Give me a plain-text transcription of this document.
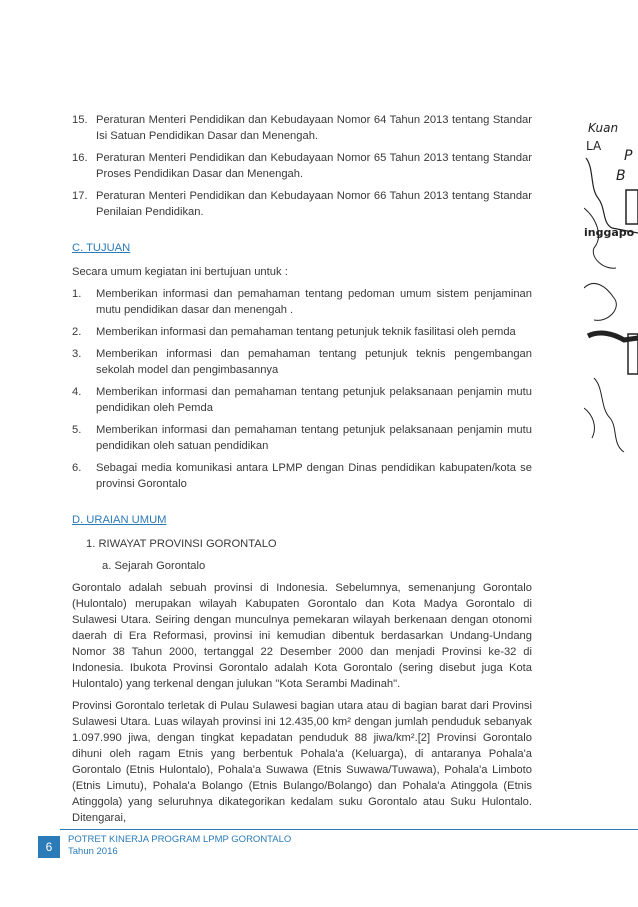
15. Peraturan Menteri Pendidikan dan Kebudayaan Nomor 64 Tahun 2013 tentang Standar Isi Satuan Pendidikan Dasar dan Menengah.
16. Peraturan Menteri Pendidikan dan Kebudayaan Nomor 65 Tahun 2013 tentang Standar Proses Pendidikan Dasar dan Menengah.
17. Peraturan Menteri Pendidikan dan Kebudayaan Nomor 66 Tahun 2013 tentang Standar Penilaian Pendidikan.
C. TUJUAN
Secara umum kegiatan ini bertujuan untuk :
1.	Memberikan informasi dan pemahaman tentang pedoman umum sistem penjaminan mutu pendidikan dasar dan menengah .
2.	Memberikan informasi dan pemahaman tentang petunjuk teknik fasilitasi oleh pemda
3.	Memberikan informasi dan pemahaman tentang petunjuk teknis pengembangan sekolah model dan pengimbasannya
4.	Memberikan informasi dan pemahaman tentang petunjuk pelaksanaan penjamin mutu pendidikan oleh Pemda
5.	Memberikan informasi dan pemahaman tentang petunjuk pelaksanaan penjamin mutu pendidikan oleh satuan pendidikan
6.	Sebagai media komunikasi antara LPMP dengan Dinas pendidikan kabupaten/kota se provinsi Gorontalo
D. URAIAN UMUM
1. RIWAYAT PROVINSI GORONTALO
a. Sejarah Gorontalo
Gorontalo adalah sebuah provinsi di Indonesia. Sebelumnya, semenanjung Gorontalo (Hulontalo) merupakan wilayah Kabupaten Gorontalo dan Kota Madya Gorontalo di Sulawesi Utara. Seiring dengan munculnya pemekaran wilayah berkenaan dengan otonomi daerah di Era Reformasi, provinsi ini kemudian dibentuk berdasarkan Undang-Undang Nomor 38 Tahun 2000, tertanggal 22 Desember 2000 dan menjadi Provinsi ke-32 di Indonesia. Ibukota Provinsi Gorontalo adalah Kota Gorontalo (sering disebut juga Kota Hulontalo) yang terkenal dengan julukan "Kota Serambi Madinah".
Provinsi Gorontalo terletak di Pulau Sulawesi bagian utara atau di bagian barat dari Provinsi Sulawesi Utara. Luas wilayah provinsi ini 12.435,00 km² dengan jumlah penduduk sebanyak 1.097.990 jiwa, dengan tingkat kepadatan penduduk 88 jiwa/km².[2] Provinsi Gorontalo dihuni oleh ragam Etnis yang berbentuk Pohala'a (Keluarga), di antaranya Pohala'a Gorontalo (Etnis Hulontalo), Pohala'a Suwawa (Etnis Suwawa/Tuwawa), Pohala'a Limboto (Etnis Limutu), Pohala'a Bolango (Etnis Bulango/Bolango) dan Pohala'a Atinggola (Etnis Atinggola) yang seluruhnya dikategorikan kedalam suku Gorontalo atau Suku Hulontalo. Ditengarai,
Kuan
LA
P
B
inggapo
6
POTRET KINERJA PROGRAM LPMP GORONTALO
Tahun 2016
